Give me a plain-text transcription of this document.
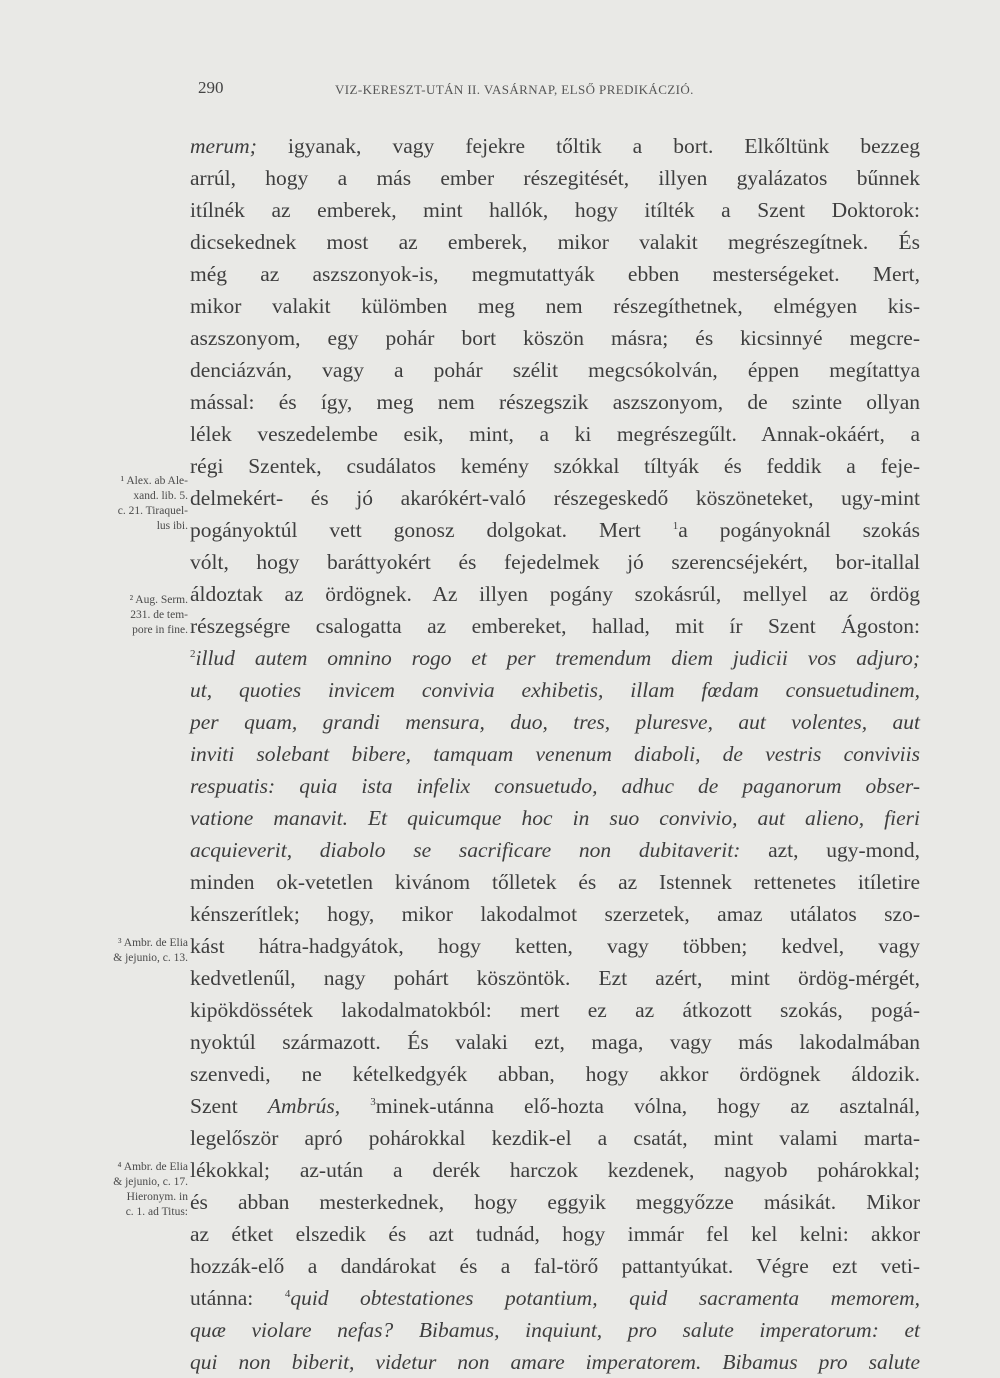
290	VIZ-KERESZT-UTÁN II. VASÁRNAP, ELSŐ PREDIKÁCZIÓ.
merum; igyanak, vagy fejekre tőltik a bort. Elkőltünk bezzeg
arrúl, hogy a más ember részegitését, illyen gyalázatos bűnnek
itílnék az emberek, mint hallók, hogy itílték a Szent Doktorok:
dicsekednek most az emberek, mikor valakit megrészegítnek. És
még az aszszonyok-is, megmutattyák ebben mesterségeket. Mert,
mikor valakit külömben meg nem részegíthetnek, elmégyen kis-
aszszonyom, egy pohár bort köszön másra; és kicsinnyé megcre-
denciázván, vagy a pohár szélit megcsókolván, éppen megítattya
mással: és így, meg nem részegszik aszszonyom, de szinte ollyan
lélek veszedelembe esik, mint, a ki megrészegűlt. Annak-okáért, a
régi Szentek, csudálatos kemény szókkal tíltyák és feddik a feje-
delmekért- és jó akarókért-való részegeskedő köszöneteket, ugy-mint
pogányoktúl vett gonosz dolgokat. Mert	$^1$a pogányoknál szokás
vólt, hogy baráttyokért és fejedelmek jó szerencséjekért, bor-itallal
áldoztak az ördögnek. Az illyen pogány szokásrúl, mellyel az ördög
részegségre csalogatta az embereket, hallad, mit ír Szent Ágoston:
$^2$illud autem omnino rogo et per tremendum diem judicii vos adjuro;
ut, quoties invicem convivia exhibetis, illam fœdam consuetudinem,
per quam, grandi mensura, duo, tres, pluresve, aut volentes, aut
inviti solebant bibere, tamquam venenum diaboli, de vestris conviviis
respuatis: quia ista infelix consuetudo, adhuc de paganorum obser-
vatione manavit. Et quicumque hoc in suo convivio, aut alieno, fieri
acquieverit, diabolo se sacrificare non dubitaverit: azt, ugy-mond,
minden ok-vetetlen kivánom tőlletek és az Istennek rettenetes itíletire
kénszerítlek; hogy, mikor lakodalmot szerzetek, amaz utálatos szo-
kást hátra-hadgyátok, hogy ketten, vagy többen; kedvel, vagy
kedvetlenűl, nagy pohárt köszöntök. Ezt azért, mint ördög-mérgét,
kipökdössétek lakodalmatokból: mert ez az átkozott szokás, pogá-
nyoktúl származott. És valaki ezt, maga, vagy más lakodalmában
szenvedi, ne kételkedgyék abban, hogy akkor ördögnek áldozik.
Szent Ambrús,	$^3$minek-utánna elő-hozta vólna, hogy az asztalnál,
legelőször apró pohárokkal kezdik-el a csatát, mint valami marta-
lékokkal; az-után a derék harczok kezdenek, nagyob pohárokkal;
és abban mesterkednek, hogy eggyik meggyőzze másikát. Mikor
az étket elszedik és azt tudnád, hogy immár fel kel kelni: akkor
hozzák-elő a dandárokat és a fal-törő pattantyúkat. Végre ezt veti-
utánna:	$^4$quid obtestationes potantium, quid sacramenta memorem,
quæ violare nefas? Bibamus, inquiunt, pro salute imperatorum: et
qui non biberit, videtur non amare imperatorem. Bibamus pro salute
¹ Alex. ab Ale-
xand. lib. 5.
c. 21. Tiraquel-
lus ibi.
² Aug. Serm.
231. de tem-
pore in fine.
³ Ambr. de Elia
& jejunio, c. 13.
⁴ Ambr. de Elia
& jejunio, c. 17.
Hieronym. in
c. 1. ad Titus:
